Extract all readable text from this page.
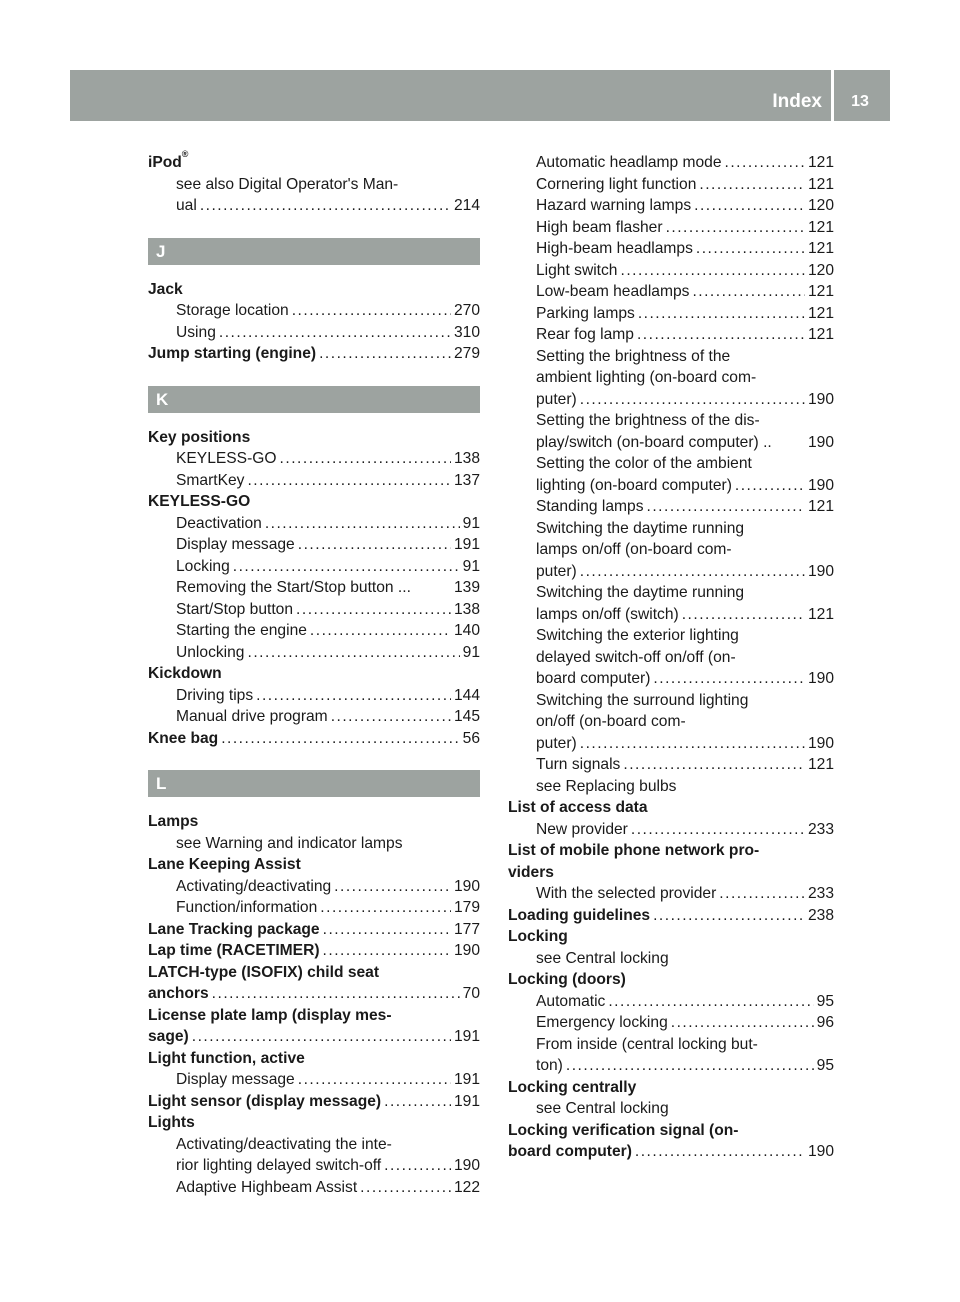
Index	13
iPod®
see also Digital Operator's Man-
ual .....	214
J
Jack
Storage location .....	270
Using .....	310
Jump starting (engine) .....	279
K
Key positions
KEYLESS-GO .....	138
SmartKey .....	137
KEYLESS-GO
Deactivation .....	91
Display message .....	191
Locking .....	91
Removing the Start/Stop button ...	139
Start/Stop button .....	138
Starting the engine .....	140
Unlocking .....	91
Kickdown
Driving tips .....	144
Manual drive program .....	145
Knee bag .....	56
L
Lamps
see Warning and indicator lamps
Lane Keeping Assist
Activating/deactivating .....	190
Function/information .....	179
Lane Tracking package .....	177
Lap time (RACETIMER) .....	190
LATCH-type (ISOFIX) child seat
anchors .....	70
License plate lamp (display mes-
sage) .....	191
Light function, active
Display message .....	191
Light sensor (display message) .....	191
Lights
Activating/deactivating the inte-
rior lighting delayed switch-off .....	190
Adaptive Highbeam Assist .....	122
Automatic headlamp mode .....	121
Cornering light function .....	121
Hazard warning lamps .....	120
High beam flasher .....	121
High-beam headlamps .....	121
Light switch .....	120
Low-beam headlamps .....	121
Parking lamps .....	121
Rear fog lamp .....	121
Setting the brightness of the
ambient lighting (on-board com-
puter) .....	190
Setting the brightness of the dis-
play/switch (on-board computer) .. 190
Setting the color of the ambient
lighting (on-board computer) .....	190
Standing lamps .....	121
Switching the daytime running
lamps on/off (on-board com-
puter) .....	190
Switching the daytime running
lamps on/off (switch) .....	121
Switching the exterior lighting
delayed switch-off on/off (on-
board computer) .....	190
Switching the surround lighting
on/off (on-board com-
puter) .....	190
Turn signals .....	121
see Replacing bulbs
List of access data
New provider .....	233
List of mobile phone network pro-
viders
With the selected provider .....	233
Loading guidelines .....	238
Locking
see Central locking
Locking (doors)
Automatic .....	95
Emergency locking .....	96
From inside (central locking but-
ton) .....	95
Locking centrally
see Central locking
Locking verification signal (on-
board computer) .....	190
